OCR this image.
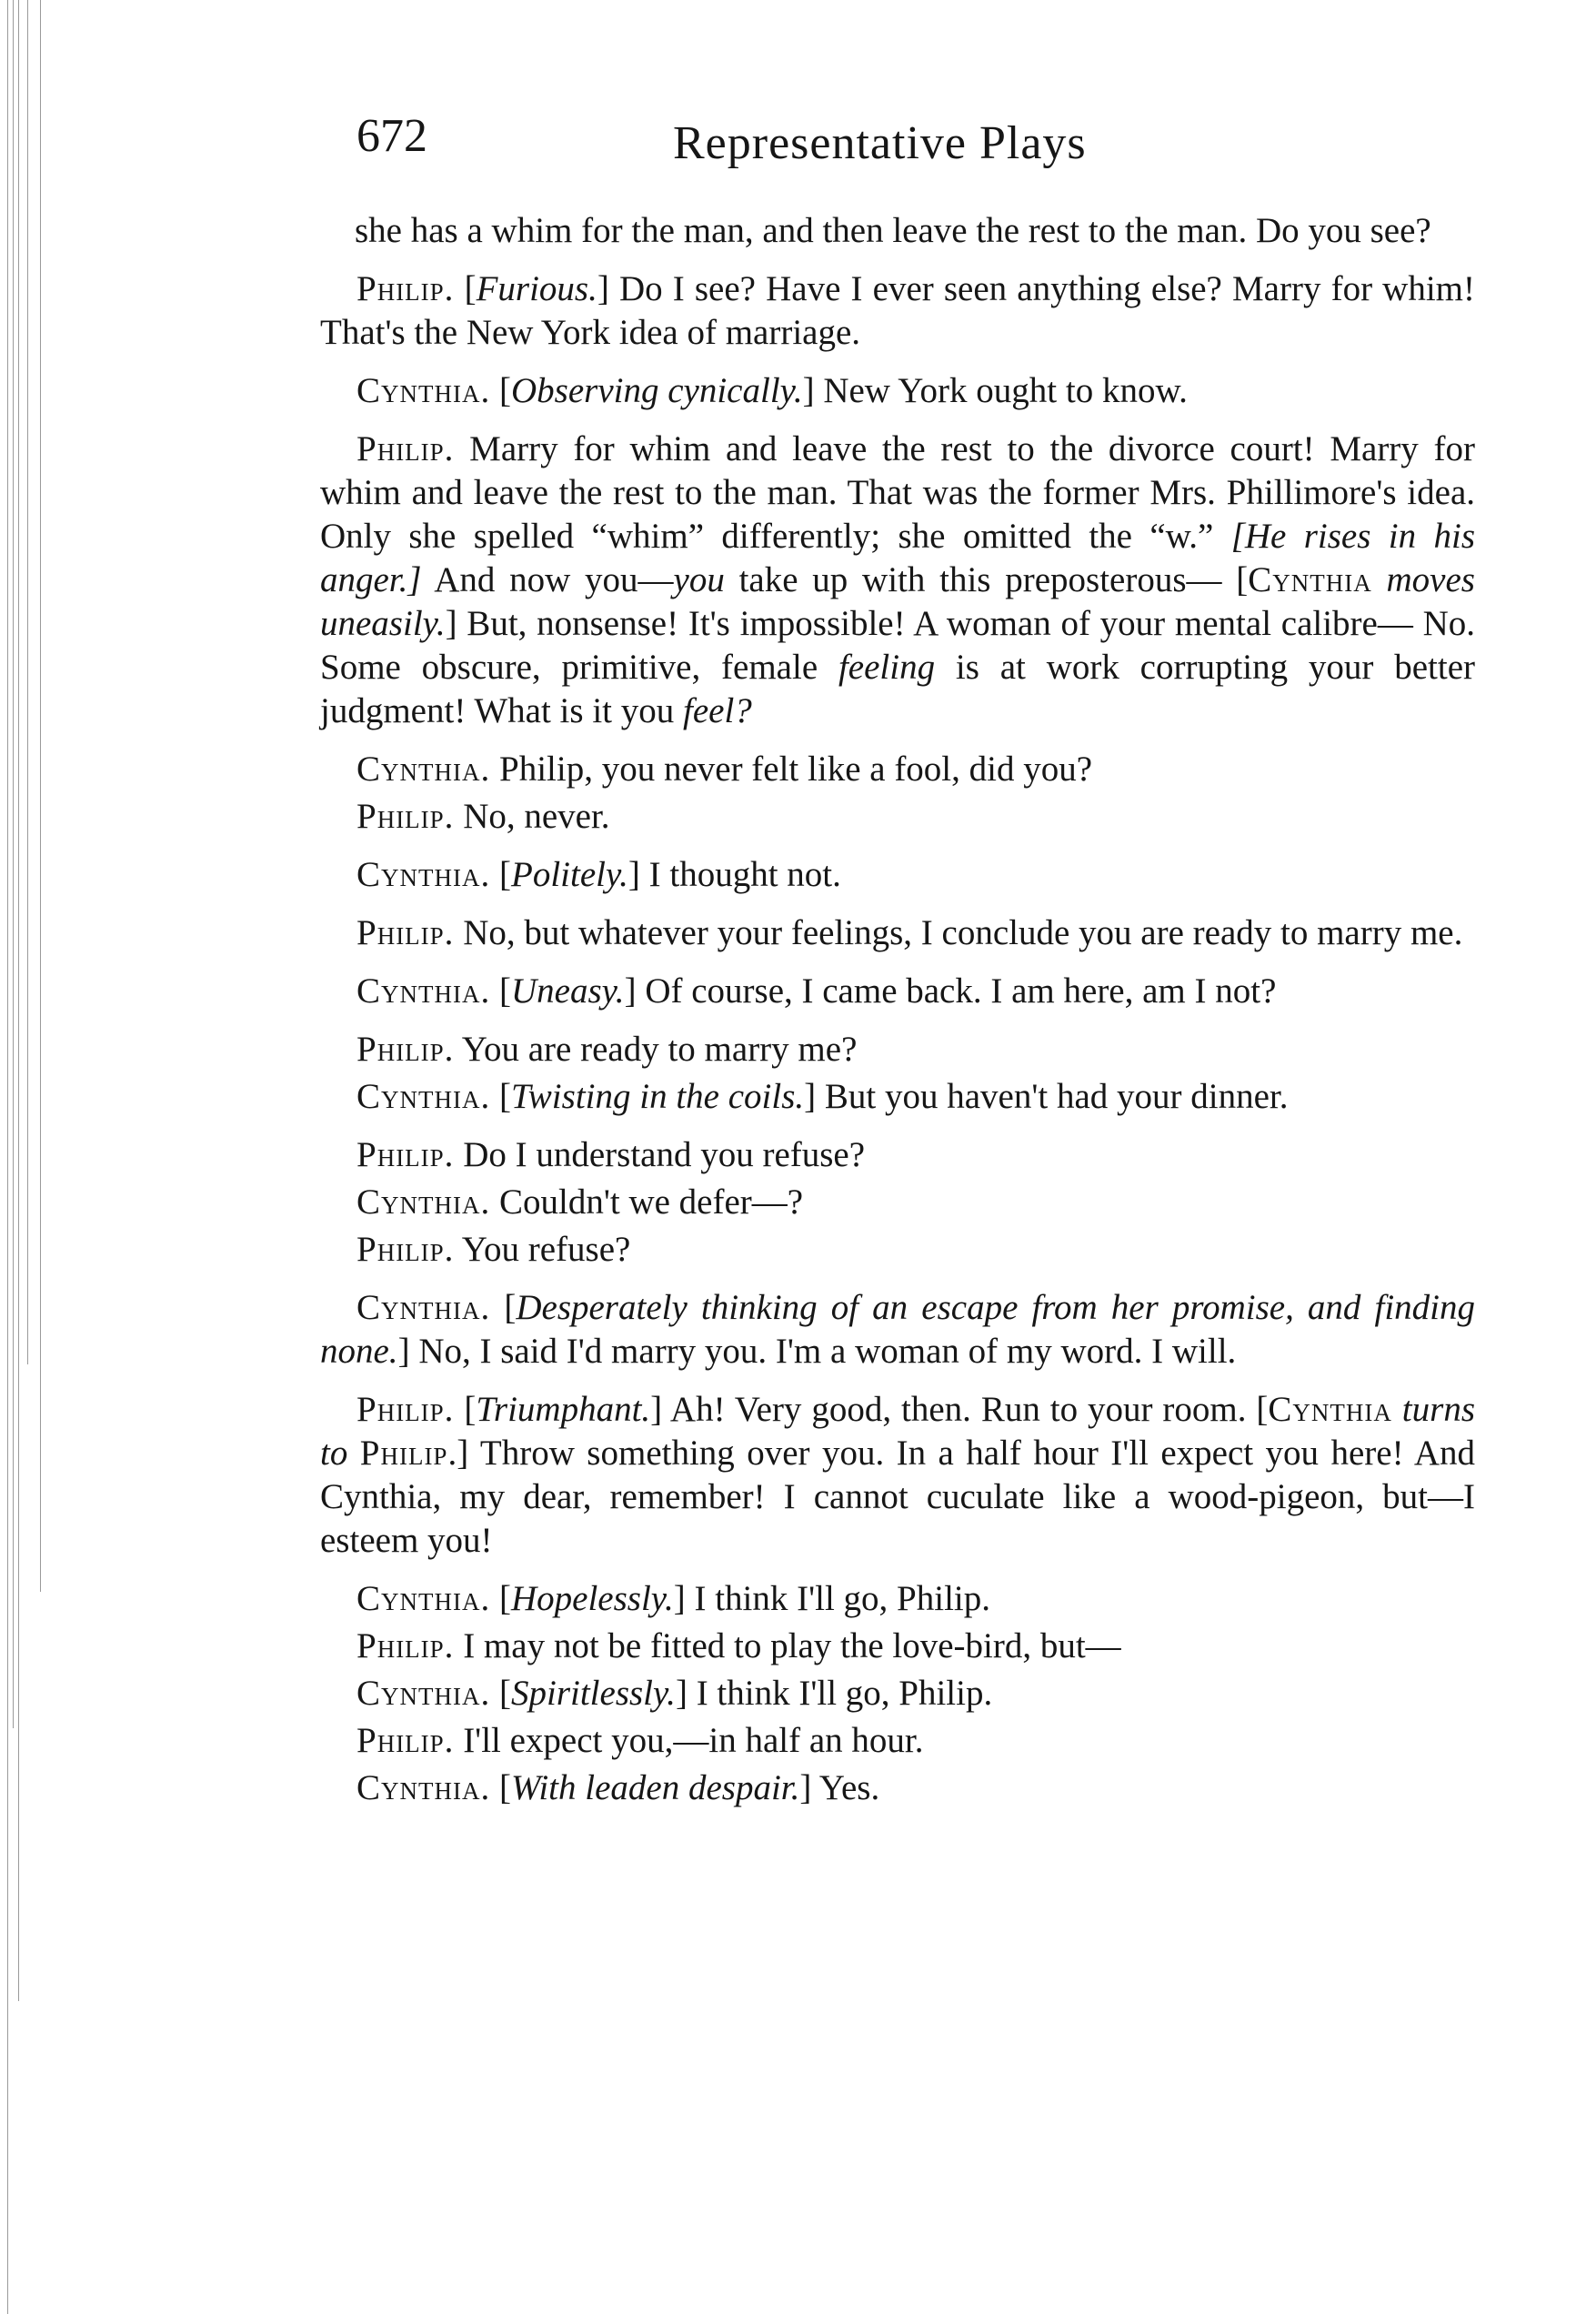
672	Representative Plays

she has a whim for the man, and then leave the rest to the man. Do you see?

Philip. [Furious.] Do I see? Have I ever seen anything else? Marry for whim! That's the New York idea of marriage.

Cynthia. [Observing cynically.] New York ought to know.

Philip. Marry for whim and leave the rest to the divorce court! Marry for whim and leave the rest to the man. That was the former Mrs. Phillimore's idea. Only she spelled “whim” differently; she omitted the “w.” [He rises in his anger.] And now you—you take up with this preposterous— [Cynthia moves uneasily.] But, nonsense! It's impossible! A woman of your mental calibre— No. Some obscure, primitive, female feeling is at work corrupting your better judgment! What is it you feel?

Cynthia. Philip, you never felt like a fool, did you?

Philip. No, never.

Cynthia. [Politely.] I thought not.

Philip. No, but whatever your feelings, I conclude you are ready to marry me.

Cynthia. [Uneasy.] Of course, I came back. I am here, am I not?

Philip. You are ready to marry me?

Cynthia. [Twisting in the coils.] But you haven't had your dinner.

Philip. Do I understand you refuse?

Cynthia. Couldn't we defer—?

Philip. You refuse?

Cynthia. [Desperately thinking of an escape from her promise, and finding none.] No, I said I'd marry you. I'm a woman of my word. I will.

Philip. [Triumphant.] Ah! Very good, then. Run to your room. [Cynthia turns to Philip.] Throw something over you. In a half hour I'll expect you here! And Cynthia, my dear, remember! I cannot cuculate like a wood-pigeon, but—I esteem you!

Cynthia. [Hopelessly.] I think I'll go, Philip.

Philip. I may not be fitted to play the love-bird, but—

Cynthia. [Spiritlessly.] I think I'll go, Philip.

Philip. I'll expect you,—in half an hour.

Cynthia. [With leaden despair.] Yes.
